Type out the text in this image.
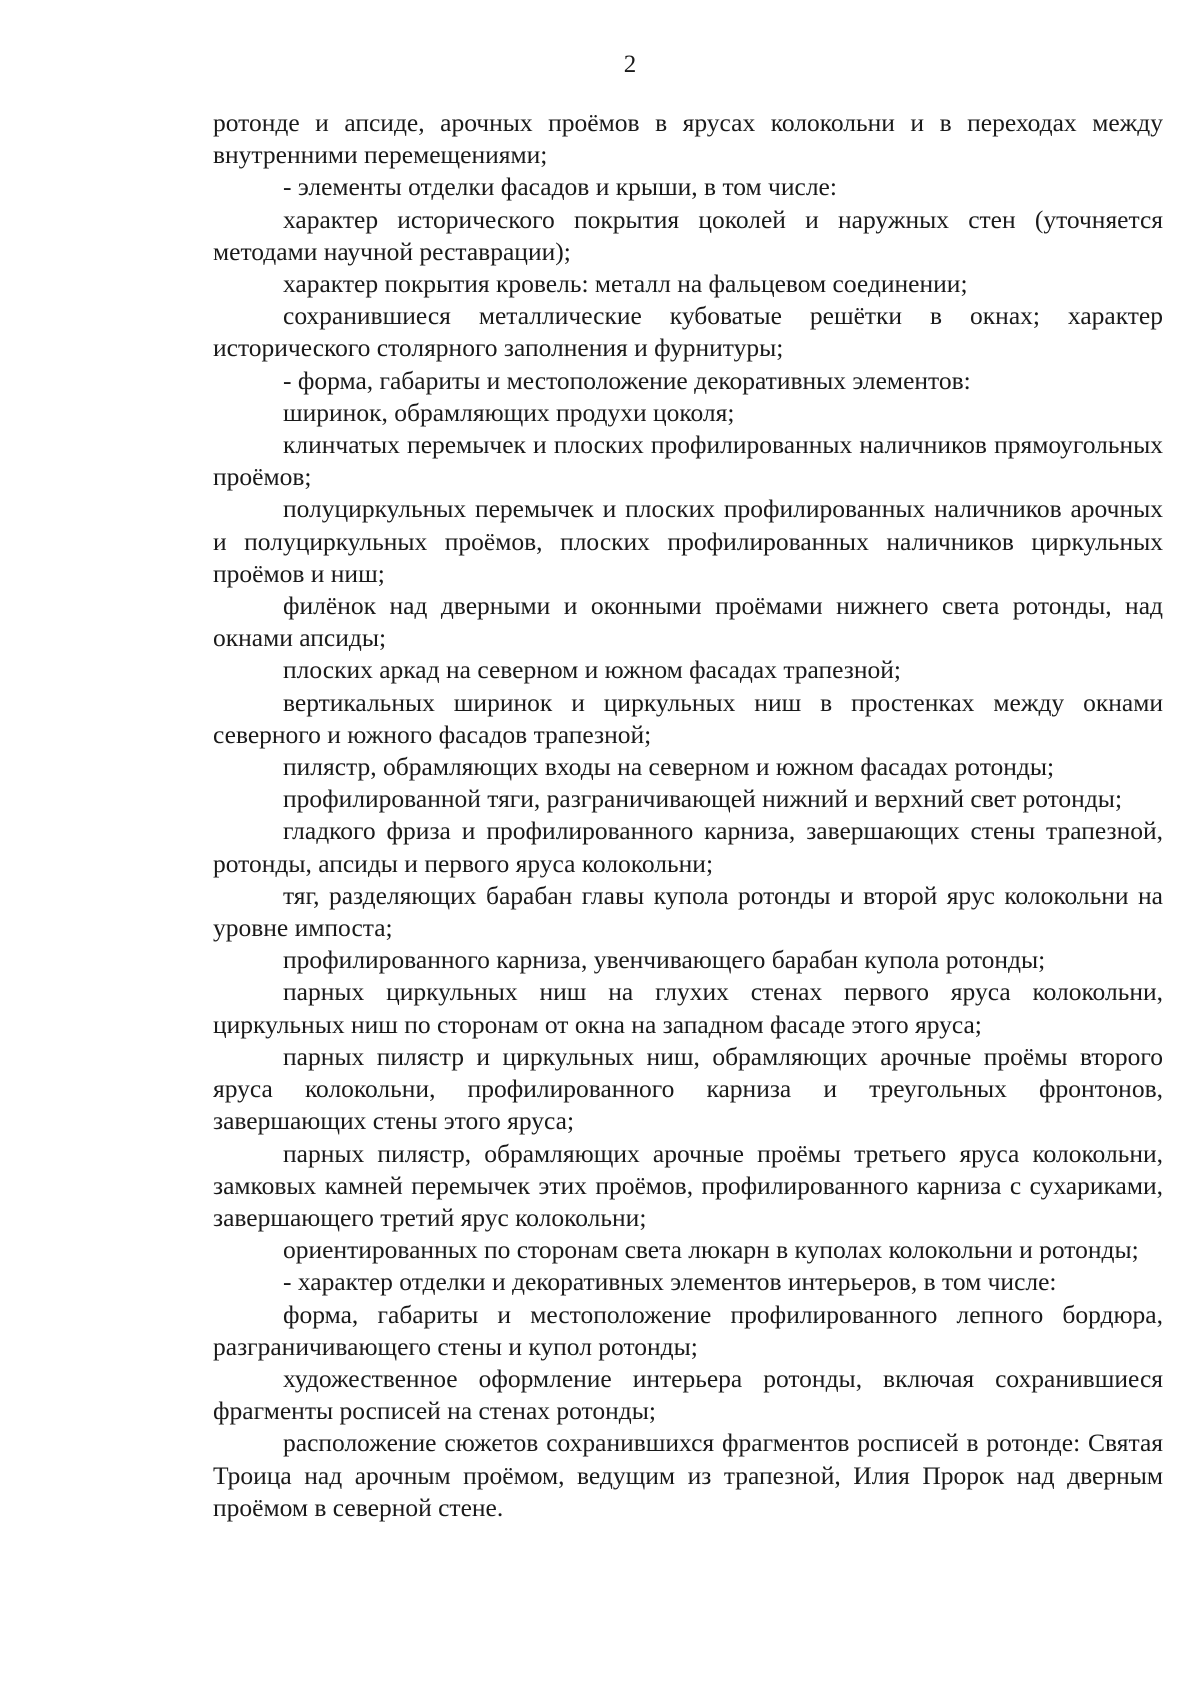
2

ротонде и апсиде, арочных проёмов в ярусах колокольни и в переходах между внутренними перемещениями;

- элементы отделки фасадов и крыши, в том числе:

характер исторического покрытия цоколей и наружных стен (уточняется методами научной реставрации);

характер покрытия кровель: металл на фальцевом соединении;

сохранившиеся металлические кубоватые решётки в окнах; характер исторического столярного заполнения и фурнитуры;

- форма, габариты и местоположение декоративных элементов:

ширинок, обрамляющих продухи цоколя;

клинчатых перемычек и плоских профилированных наличников прямоугольных проёмов;

полуциркульных перемычек и плоских профилированных наличников арочных и полуциркульных проёмов, плоских профилированных наличников циркульных проёмов и ниш;

филёнок над дверными и оконными проёмами нижнего света ротонды, над окнами апсиды;

плоских аркад на северном и южном фасадах трапезной;

вертикальных ширинок и циркульных ниш в простенках между окнами северного и южного фасадов трапезной;

пилястр, обрамляющих входы на северном и южном фасадах ротонды;

профилированной тяги, разграничивающей нижний и верхний свет ротонды;

гладкого фриза и профилированного карниза, завершающих стены трапезной, ротонды, апсиды и первого яруса колокольни;

тяг, разделяющих барабан главы купола ротонды и второй ярус колокольни на уровне импоста;

профилированного карниза, увенчивающего барабан купола ротонды;

парных циркульных ниш на глухих стенах первого яруса колокольни, циркульных ниш по сторонам от окна на западном фасаде этого яруса;

парных пилястр и циркульных ниш, обрамляющих арочные проёмы второго яруса колокольни, профилированного карниза и треугольных фронтонов, завершающих стены этого яруса;

парных пилястр, обрамляющих арочные проёмы третьего яруса колокольни, замковых камней перемычек этих проёмов, профилированного карниза с сухариками, завершающего третий ярус колокольни;

ориентированных по сторонам света люкарн в куполах колокольни и ротонды;

- характер отделки и декоративных элементов интерьеров, в том числе:

форма, габариты и местоположение профилированного лепного бордюра, разграничивающего стены и купол ротонды;

художественное оформление интерьера ротонды, включая сохранившиеся фрагменты росписей на стенах ротонды;

расположение сюжетов сохранившихся фрагментов росписей в ротонде: Святая Троица над арочным проёмом, ведущим из трапезной, Илия Пророк над дверным проёмом в северной стене.
